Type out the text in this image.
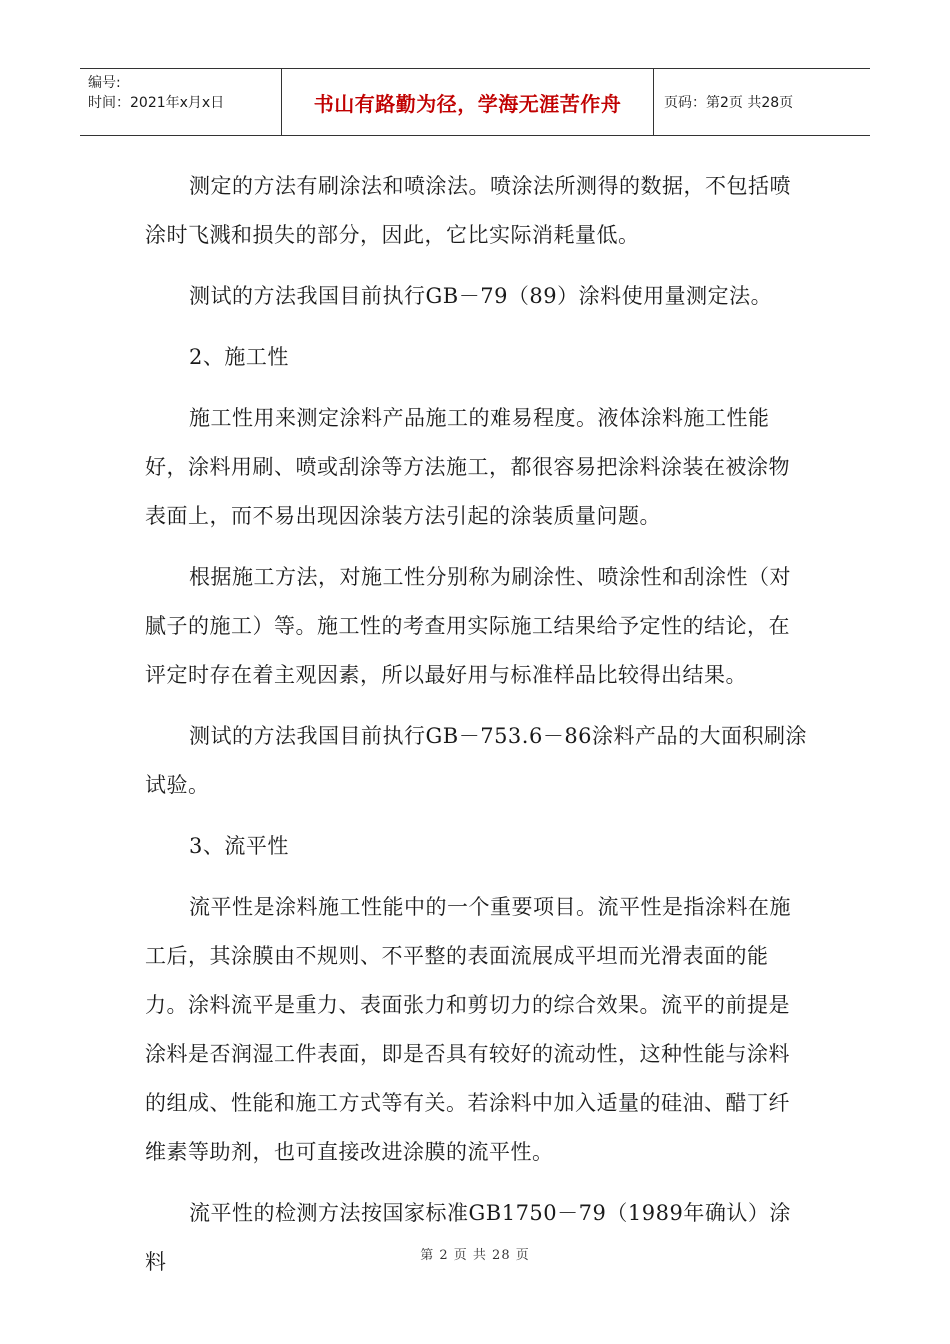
编号:
时间：2021年x月x日	书山有路勤为径，学海无涯苦作舟	页码：第2页 共28页

测定的方法有刷涂法和喷涂法。喷涂法所测得的数据，不包括喷涂时飞溅和损失的部分，因此，它比实际消耗量低。

测试的方法我国目前执行GB－79（89）涂料使用量测定法。

2、施工性

施工性用来测定涂料产品施工的难易程度。液体涂料施工性能好，涂料用刷、喷或刮涂等方法施工，都很容易把涂料涂装在被涂物表面上，而不易出现因涂装方法引起的涂装质量问题。

根据施工方法，对施工性分别称为刷涂性、喷涂性和刮涂性（对腻子的施工）等。施工性的考查用实际施工结果给予定性的结论，在评定时存在着主观因素，所以最好用与标准样品比较得出结果。

测试的方法我国目前执行GB－753.6－86涂料产品的大面积刷涂试验。

3、流平性

流平性是涂料施工性能中的一个重要项目。流平性是指涂料在施工后，其涂膜由不规则、不平整的表面流展成平坦而光滑表面的能力。涂料流平是重力、表面张力和剪切力的综合效果。流平的前提是涂料是否润湿工件表面，即是否具有较好的流动性，这种性能与涂料的组成、性能和施工方式等有关。若涂料中加入适量的硅油、醋丁纤维素等助剂，也可直接改进涂膜的流平性。

流平性的检测方法按国家标准GB1750－79（1989年确认）涂料	第 2 页 共 28 页
